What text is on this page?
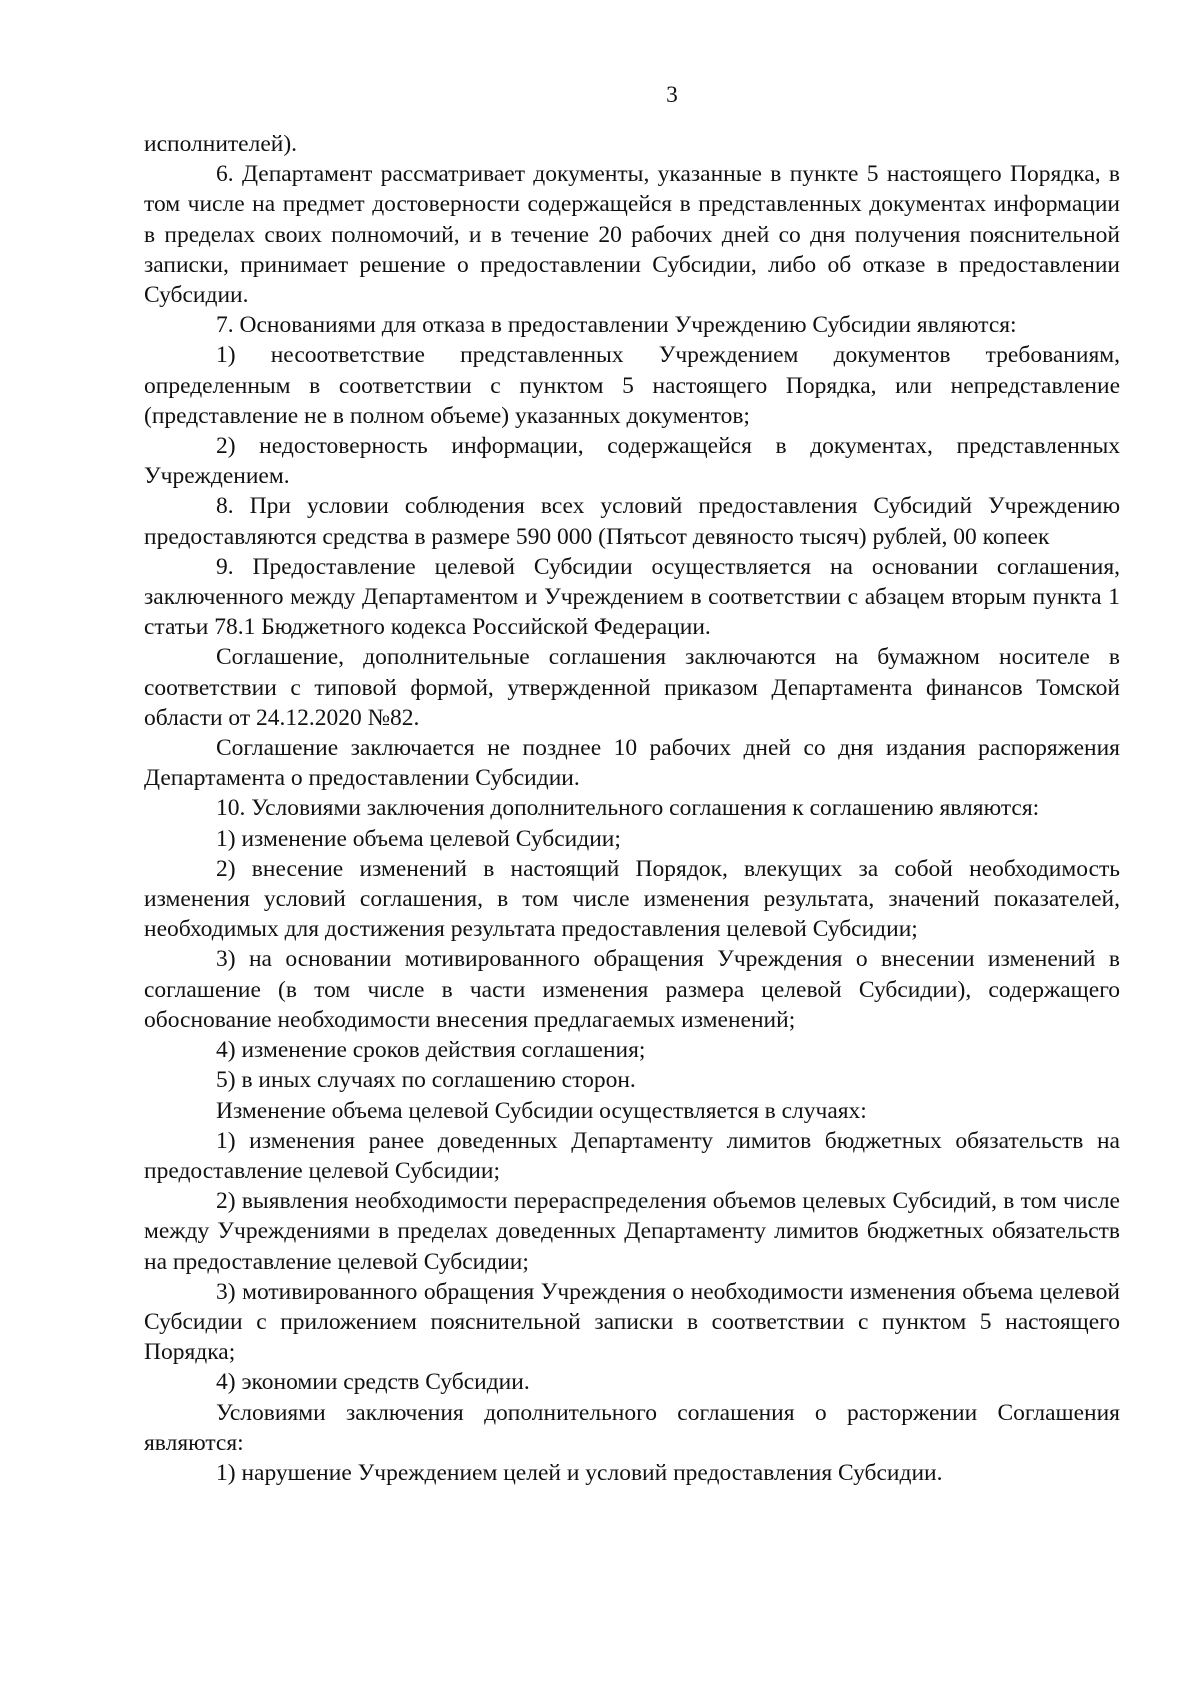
3

исполнителей).

6. Департамент рассматривает документы, указанные в пункте 5 настоящего Порядка, в том числе на предмет достоверности содержащейся в представленных документах информации в пределах своих полномочий, и в течение 20 рабочих дней со дня получения пояснительной записки, принимает решение о предоставлении Субсидии, либо об отказе в предоставлении Субсидии.

7. Основаниями для отказа в предоставлении Учреждению Субсидии являются:

1) несоответствие представленных Учреждением документов требованиям, определенным в соответствии с пунктом 5 настоящего Порядка, или непредставление (представление не в полном объеме) указанных документов;

2) недостоверность информации, содержащейся в документах, представленных Учреждением.

8. При условии соблюдения всех условий предоставления Субсидий Учреждению предоставляются средства в размере 590 000 (Пятьсот девяносто тысяч) рублей, 00 копеек

9. Предоставление целевой Субсидии осуществляется на основании соглашения, заключенного между Департаментом и Учреждением в соответствии с абзацем вторым пункта 1 статьи 78.1 Бюджетного кодекса Российской Федерации.

Соглашение, дополнительные соглашения заключаются на бумажном носителе в соответствии с типовой формой, утвержденной приказом Департамента финансов Томской области от 24.12.2020 №82.

Соглашение заключается не позднее 10 рабочих дней со дня издания распоряжения Департамента о предоставлении Субсидии.

10. Условиями заключения дополнительного соглашения к соглашению являются:

1) изменение объема целевой Субсидии;

2) внесение изменений в настоящий Порядок, влекущих за собой необходимость изменения условий соглашения, в том числе изменения результата, значений показателей, необходимых для достижения результата предоставления целевой Субсидии;

3) на основании мотивированного обращения Учреждения о внесении изменений в соглашение (в том числе в части изменения размера целевой Субсидии), содержащего обоснование необходимости внесения предлагаемых изменений;

4) изменение сроков действия соглашения;

5) в иных случаях по соглашению сторон.

Изменение объема целевой Субсидии осуществляется в случаях:

1) изменения ранее доведенных Департаменту лимитов бюджетных обязательств на предоставление целевой Субсидии;

2) выявления необходимости перераспределения объемов целевых Субсидий, в том числе между Учреждениями в пределах доведенных Департаменту лимитов бюджетных обязательств на предоставление целевой Субсидии;

3) мотивированного обращения Учреждения о необходимости изменения объема целевой Субсидии с приложением пояснительной записки в соответствии с пунктом 5 настоящего Порядка;

4) экономии средств Субсидии.

Условиями заключения дополнительного соглашения о расторжении Соглашения являются:

1) нарушение Учреждением целей и условий предоставления Субсидии.
